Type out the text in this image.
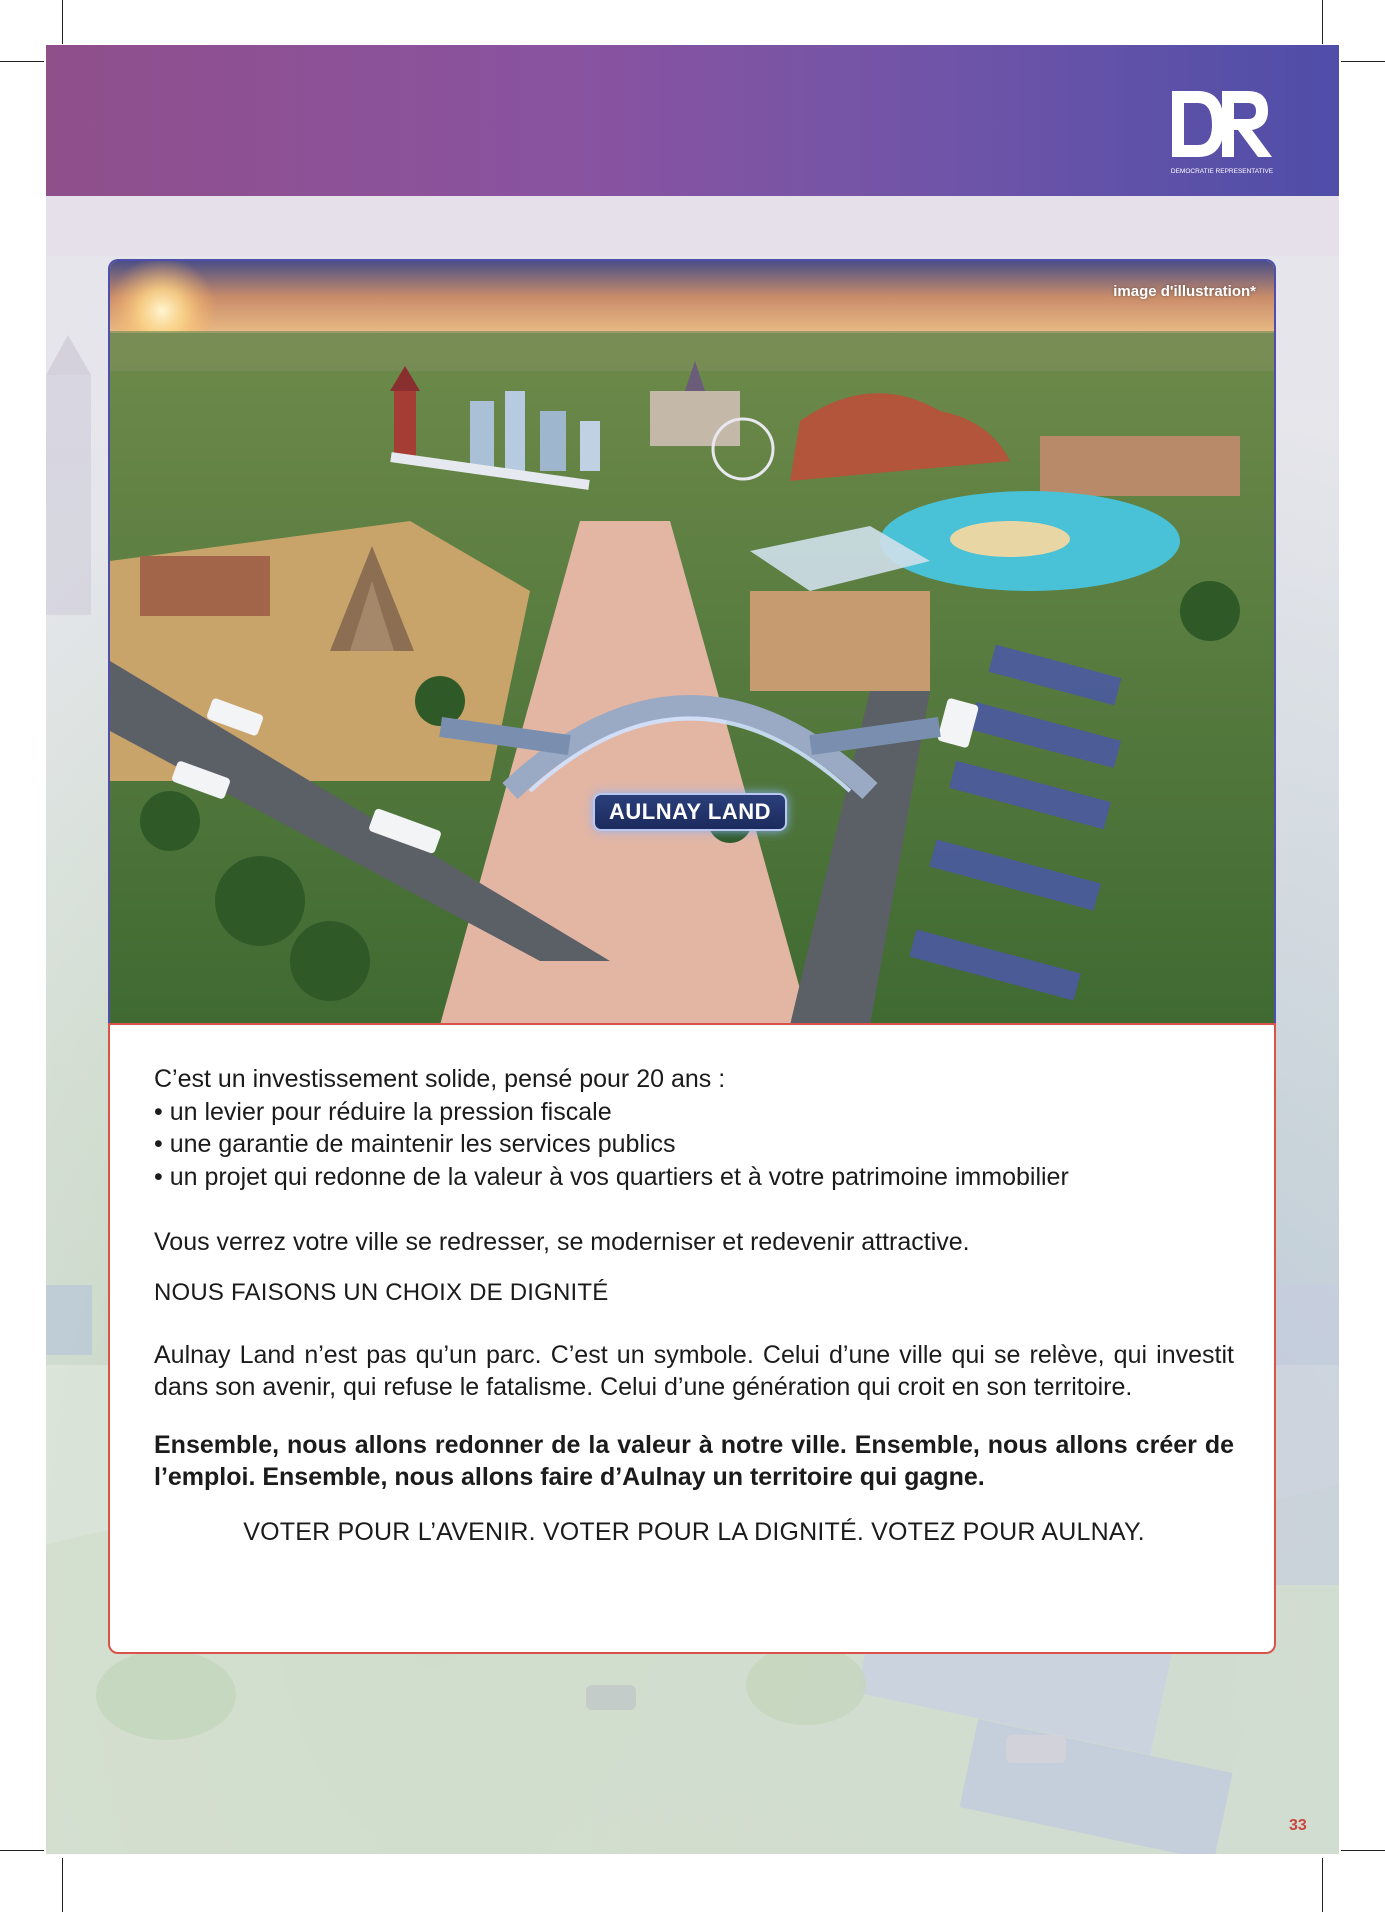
DEMOCRATIE REPRESENTATIVE
image d'illustration*
AULNAY LAND
C’est un investissement solide, pensé pour 20 ans :
• un levier pour réduire la pression fiscale
• une garantie de maintenir les services publics
• un projet qui redonne de la valeur à vos quartiers et à votre patrimoine immobilier

Vous verrez votre ville se redresser, se moderniser et redevenir attractive.

NOUS FAISONS UN CHOIX DE DIGNITÉ

Aulnay Land n’est pas qu’un parc. C’est un symbole. Celui d’une ville qui se relève, qui investit dans son avenir, qui refuse le fatalisme. Celui d’une génération qui croit en son territoire.

Ensemble, nous allons redonner de la valeur à notre ville. Ensemble, nous allons créer de l’emploi. Ensemble, nous allons faire d’Aulnay un territoire qui gagne.

VOTER POUR L’AVENIR. VOTER POUR LA DIGNITÉ. VOTEZ POUR AULNAY.

33
